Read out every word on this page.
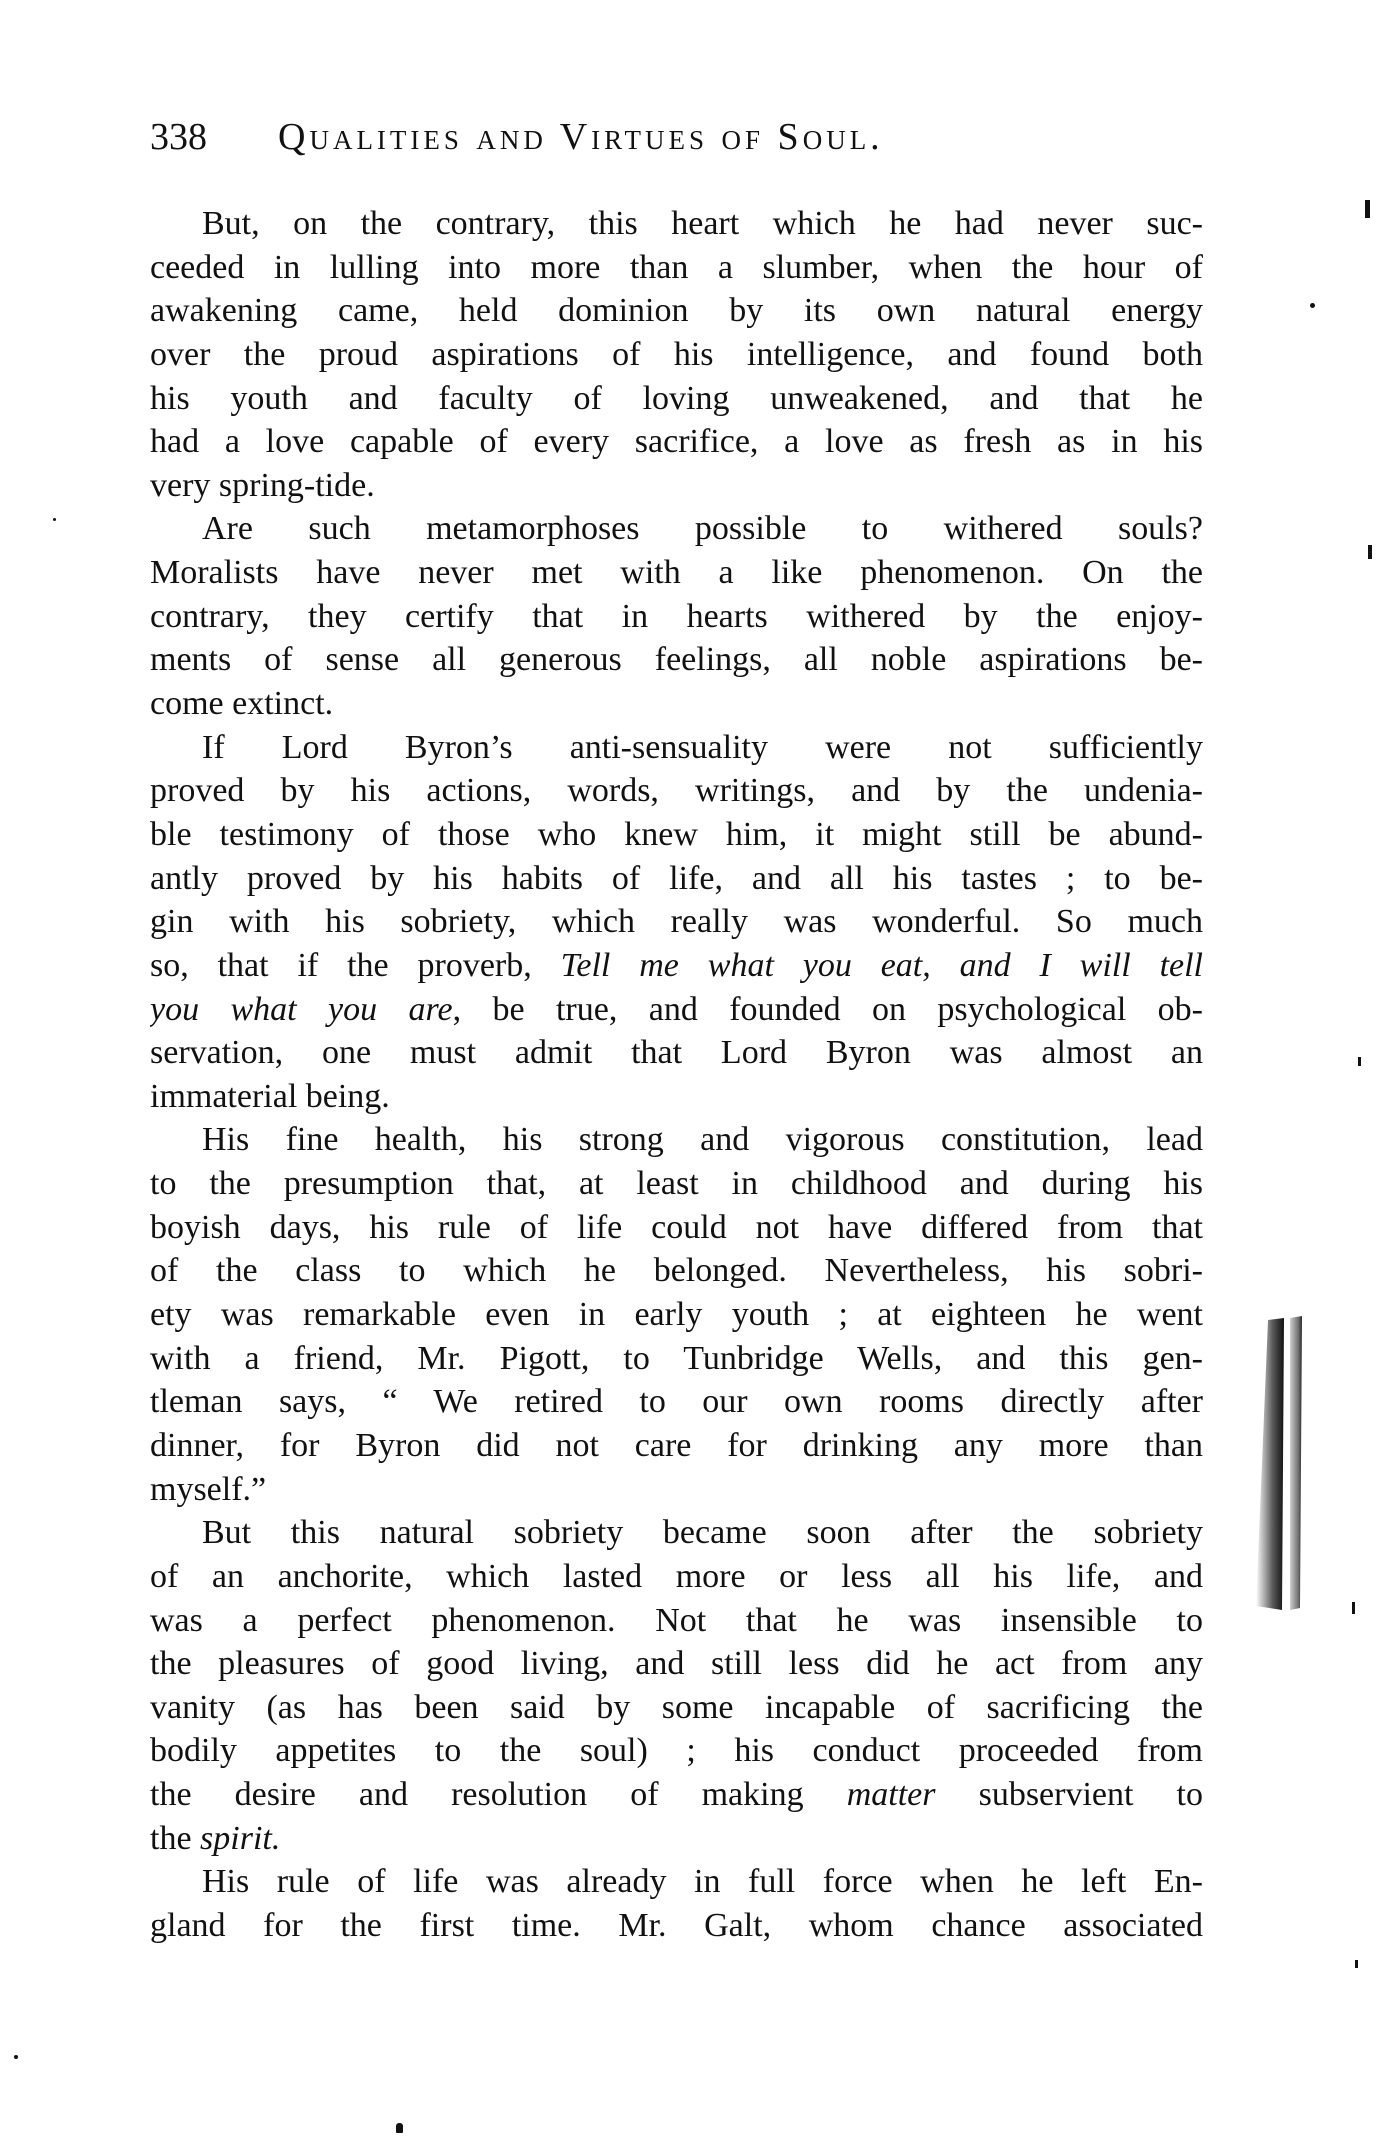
338 Qualities and Virtues of Soul.
But, on the contrary, this heart which he had never suc-
ceeded in lulling into more than a slumber, when the hour of
awakening came, held dominion by its own natural energy
over the proud aspirations of his intelligence, and found both
his youth and faculty of loving unweakened, and that he
had a love capable of every sacrifice, a love as fresh as in his
very spring-tide.
Are such metamorphoses possible to withered souls?
Moralists have never met with a like phenomenon. On the
contrary, they certify that in hearts withered by the enjoy-
ments of sense all generous feelings, all noble aspirations be-
come extinct.
If Lord Byron’s anti-sensuality were not sufficiently
proved by his actions, words, writings, and by the undenia-
ble testimony of those who knew him, it might still be abund-
antly proved by his habits of life, and all his tastes ; to be-
gin with his sobriety, which really was wonderful. So much
so, that if the proverb, Tell me what you eat, and I will tell
you what you are, be true, and founded on psychological ob-
servation, one must admit that Lord Byron was almost an
immaterial being.
His fine health, his strong and vigorous constitution, lead
to the presumption that, at least in childhood and during his
boyish days, his rule of life could not have differed from that
of the class to which he belonged. Nevertheless, his sobri-
ety was remarkable even in early youth ; at eighteen he went
with a friend, Mr. Pigott, to Tunbridge Wells, and this gen-
tleman says, “ We retired to our own rooms directly after
dinner, for Byron did not care for drinking any more than
myself.”
But this natural sobriety became soon after the sobriety
of an anchorite, which lasted more or less all his life, and
was a perfect phenomenon. Not that he was insensible to
the pleasures of good living, and still less did he act from any
vanity (as has been said by some incapable of sacrificing the
bodily appetites to the soul) ; his conduct proceeded from
the desire and resolution of making matter subservient to
the spirit.
His rule of life was already in full force when he left En-
gland for the first time. Mr. Galt, whom chance associated
